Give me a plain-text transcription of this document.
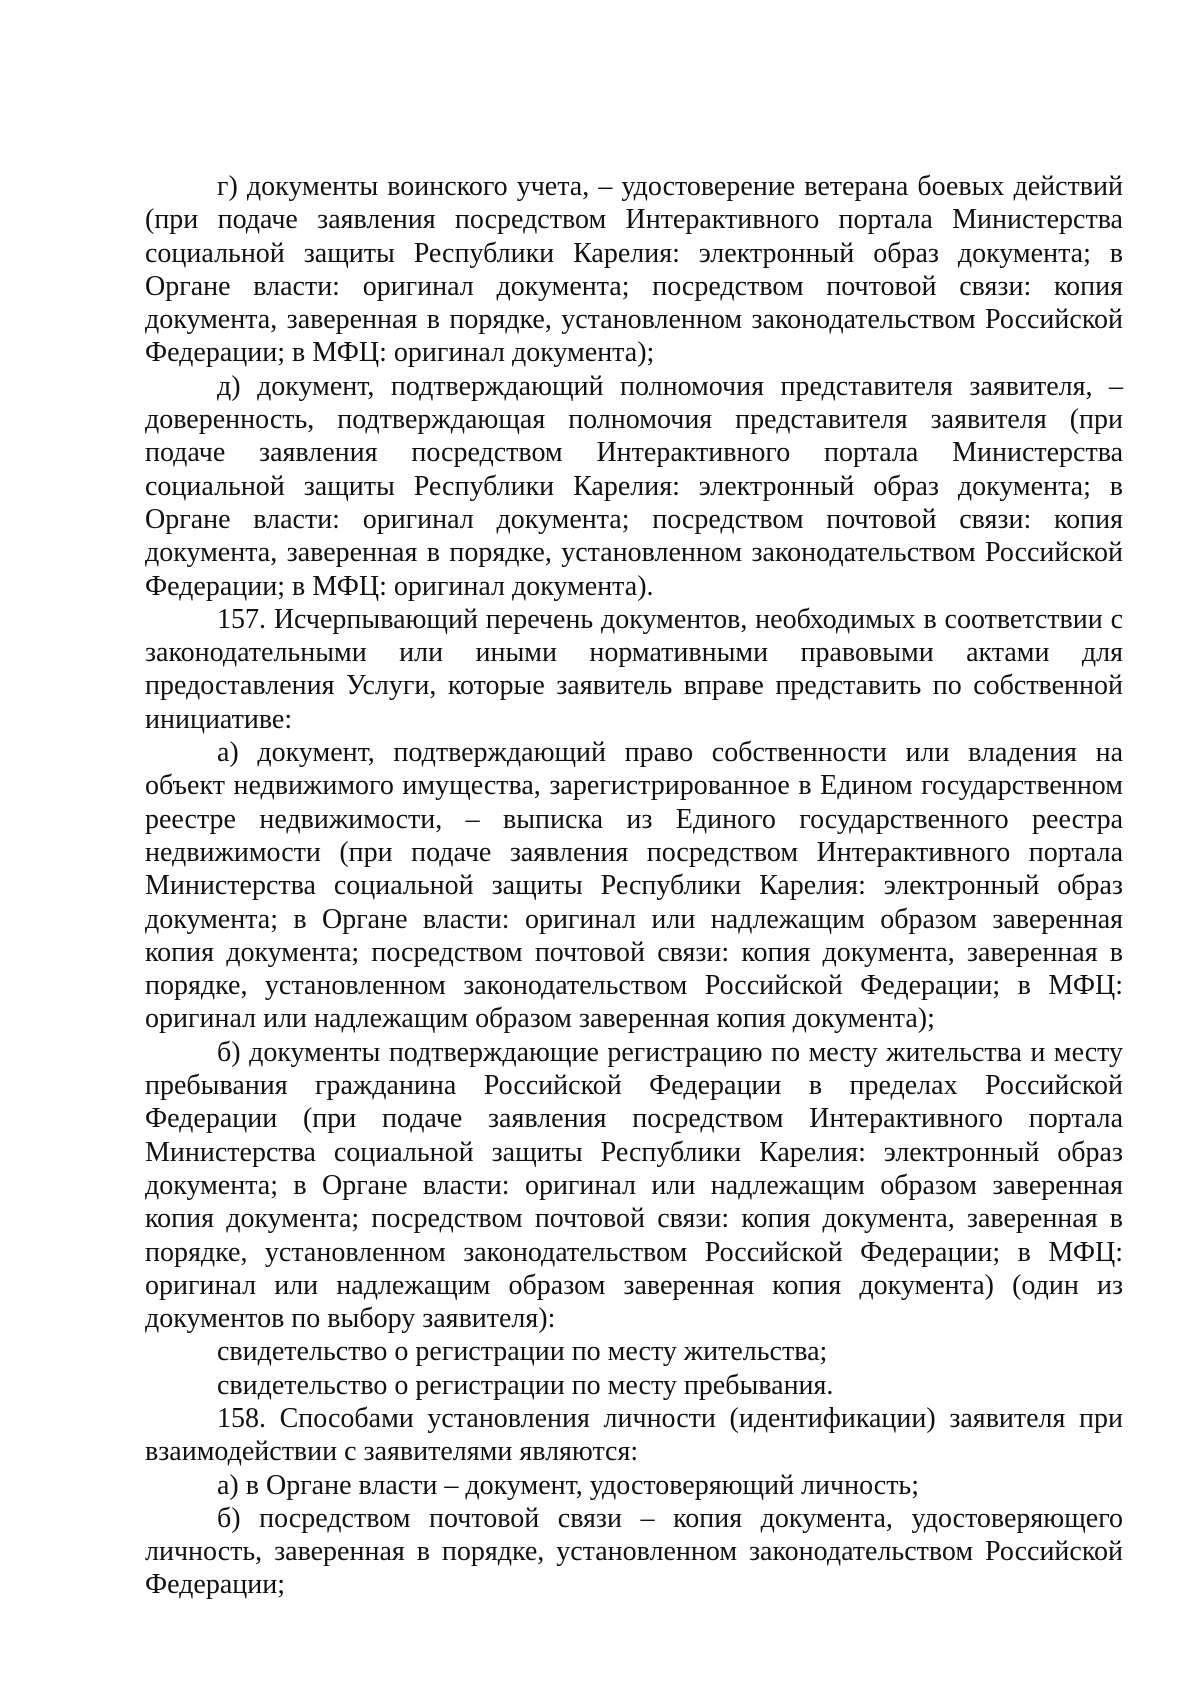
г) документы воинского учета, – удостоверение ветерана боевых действий (при подаче заявления посредством Интерактивного портала Министерства социальной защиты Республики Карелия: электронный образ документа; в Органе власти: оригинал документа; посредством почтовой связи: копия документа, заверенная в порядке, установленном законодательством Российской Федерации; в МФЦ: оригинал документа);

д) документ, подтверждающий полномочия представителя заявителя, – доверенность, подтверждающая полномочия представителя заявителя (при подаче заявления посредством Интерактивного портала Министерства социальной защиты Республики Карелия: электронный образ документа; в Органе власти: оригинал документа; посредством почтовой связи: копия документа, заверенная в порядке, установленном законодательством Российской Федерации; в МФЦ: оригинал документа).

157. Исчерпывающий перечень документов, необходимых в соответствии с законодательными или иными нормативными правовыми актами для предоставления Услуги, которые заявитель вправе представить по собственной инициативе:

а) документ, подтверждающий право собственности или владения на объект недвижимого имущества, зарегистрированное в Едином государственном реестре недвижимости, – выписка из Единого государственного реестра недвижимости (при подаче заявления посредством Интерактивного портала Министерства социальной защиты Республики Карелия: электронный образ документа; в Органе власти: оригинал или надлежащим образом заверенная копия документа; посредством почтовой связи: копия документа, заверенная в порядке, установленном законодательством Российской Федерации; в МФЦ: оригинал или надлежащим образом заверенная копия документа);

б) документы подтверждающие регистрацию по месту жительства и месту пребывания гражданина Российской Федерации в пределах Российской Федерации (при подаче заявления посредством Интерактивного портала Министерства социальной защиты Республики Карелия: электронный образ документа; в Органе власти: оригинал или надлежащим образом заверенная копия документа; посредством почтовой связи: копия документа, заверенная в порядке, установленном законодательством Российской Федерации; в МФЦ: оригинал или надлежащим образом заверенная копия документа) (один из документов по выбору заявителя):

свидетельство о регистрации по месту жительства;

свидетельство о регистрации по месту пребывания.

158. Способами установления личности (идентификации) заявителя при взаимодействии с заявителями являются:

а) в Органе власти – документ, удостоверяющий личность;

б) посредством почтовой связи – копия документа, удостоверяющего личность, заверенная в порядке, установленном законодательством Российской Федерации;
